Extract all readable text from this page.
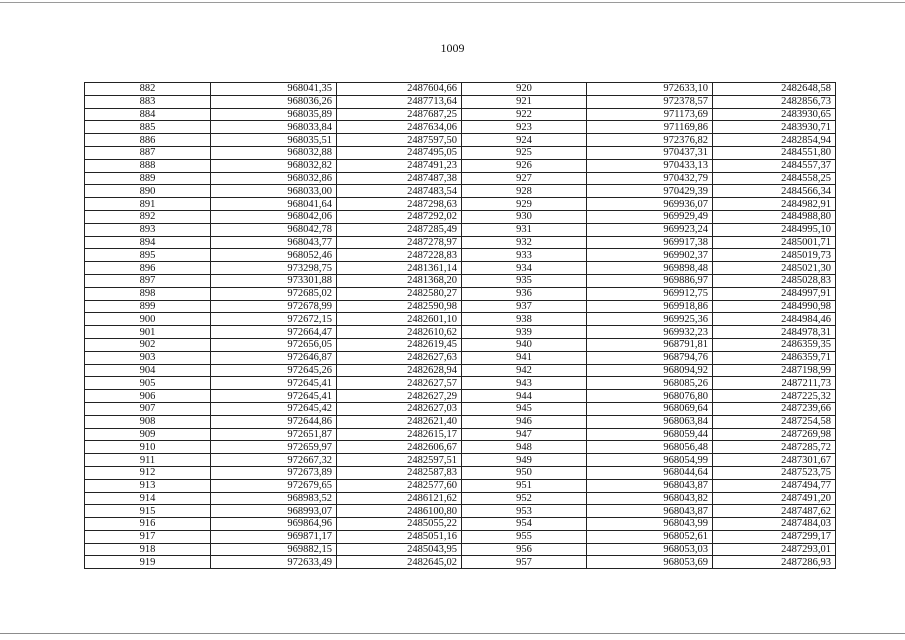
1009
882	968041,35	2487604,66	920	972633,10	2482648,58
883	968036,26	2487713,64	921	972378,57	2482856,73
884	968035,89	2487687,25	922	971173,69	2483930,65
885	968033,84	2487634,06	923	971169,86	2483930,71
886	968035,51	2487597,50	924	972376,82	2482854,94
887	968032,88	2487495,05	925	970437,31	2484551,80
888	968032,82	2487491,23	926	970433,13	2484557,37
889	968032,86	2487487,38	927	970432,79	2484558,25
890	968033,00	2487483,54	928	970429,39	2484566,34
891	968041,64	2487298,63	929	969936,07	2484982,91
892	968042,06	2487292,02	930	969929,49	2484988,80
893	968042,78	2487285,49	931	969923,24	2484995,10
894	968043,77	2487278,97	932	969917,38	2485001,71
895	968052,46	2487228,83	933	969902,37	2485019,73
896	973298,75	2481361,14	934	969898,48	2485021,30
897	973301,88	2481368,20	935	969886,97	2485028,83
898	972685,02	2482580,27	936	969912,75	2484997,91
899	972678,99	2482590,98	937	969918,86	2484990,98
900	972672,15	2482601,10	938	969925,36	2484984,46
901	972664,47	2482610,62	939	969932,23	2484978,31
902	972656,05	2482619,45	940	968791,81	2486359,35
903	972646,87	2482627,63	941	968794,76	2486359,71
904	972645,26	2482628,94	942	968094,92	2487198,99
905	972645,41	2482627,57	943	968085,26	2487211,73
906	972645,41	2482627,29	944	968076,80	2487225,32
907	972645,42	2482627,03	945	968069,64	2487239,66
908	972644,86	2482621,40	946	968063,84	2487254,58
909	972651,87	2482615,17	947	968059,44	2487269,98
910	972659,97	2482606,67	948	968056,48	2487285,72
911	972667,32	2482597,51	949	968054,99	2487301,67
912	972673,89	2482587,83	950	968044,64	2487523,75
913	972679,65	2482577,60	951	968043,87	2487494,77
914	968983,52	2486121,62	952	968043,82	2487491,20
915	968993,07	2486100,80	953	968043,87	2487487,62
916	969864,96	2485055,22	954	968043,99	2487484,03
917	969871,17	2485051,16	955	968052,61	2487299,17
918	969882,15	2485043,95	956	968053,03	2487293,01
919	972633,49	2482645,02	957	968053,69	2487286,93
